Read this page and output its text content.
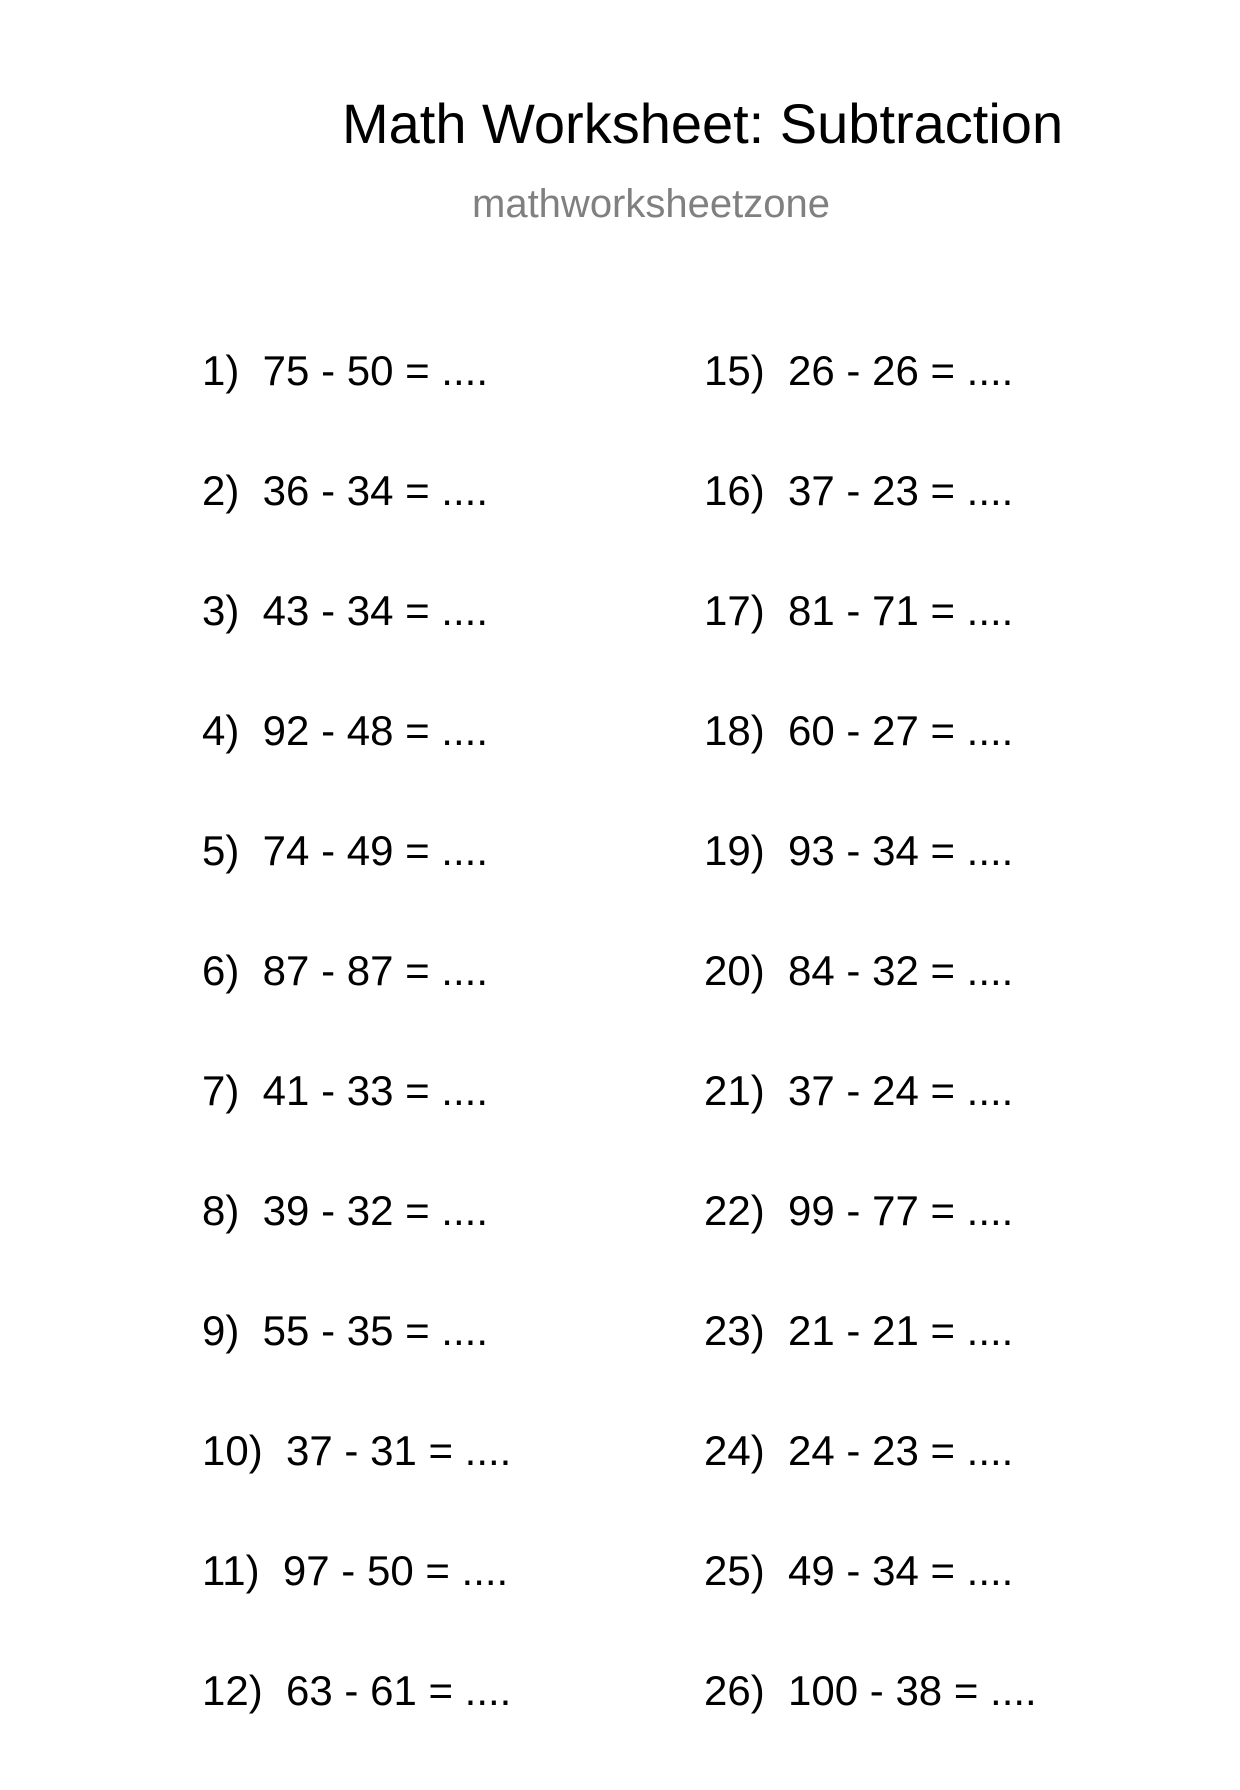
Math Worksheet: Subtraction
mathworksheetzone
1)  75 - 50 = ....
2)  36 - 34 = ....
3)  43 - 34 = ....
4)  92 - 48 = ....
5)  74 - 49 = ....
6)  87 - 87 = ....
7)  41 - 33 = ....
8)  39 - 32 = ....
9)  55 - 35 = ....
10)  37 - 31 = ....
11)  97 - 50 = ....
12)  63 - 61 = ....
15)  26 - 26 = ....
16)  37 - 23 = ....
17)  81 - 71 = ....
18)  60 - 27 = ....
19)  93 - 34 = ....
20)  84 - 32 = ....
21)  37 - 24 = ....
22)  99 - 77 = ....
23)  21 - 21 = ....
24)  24 - 23 = ....
25)  49 - 34 = ....
26)  100 - 38 = ....
